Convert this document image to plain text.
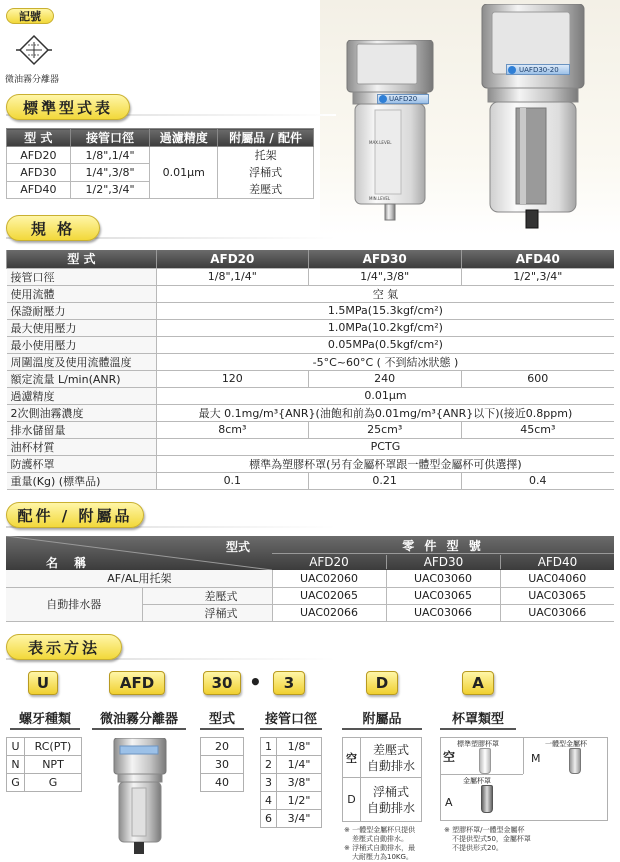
記號
微油霧分離器
MAX.LEVEL
MIN.LEVEL
UAFD20
UAFD30-20
標準型式表
型 式	接管口徑	過濾精度	附屬品 / 配件
AFD20	1/8",1/4"	0.01μm	托架
浮桶式
差壓式

AFD30	1/4",3/8"		
AFD40	1/2",3/4"		
規 格
型 式	AFD20	AFD30	AFD40
接管口徑	1/8",1/4"	1/4",3/8"	1/2",3/4"
使用流體	空 氣		
保證耐壓力	1.5MPa(15.3kgf/cm²)		
最大使用壓力	1.0MPa(10.2kgf/cm²)		
最小使用壓力	0.05MPa(0.5kgf/cm²)		
周圍溫度及使用流體溫度	-5°C~60°C ( 不到結冰狀態 )		
額定流量 L/min(ANR)	120	240	600
過濾精度	0.01μm		
2次側油霧濃度	最大 0.1mg/m³{ANR}(油飽和前為0.01mg/m³{ANR}以下)(接近0.8ppm)		
排水儲留量	8cm³	25cm³	45cm³
油杯材質	PCTG		
防護杯罩	標準為塑膠杯罩(另有金屬杯罩跟一體型金屬杯可供選擇)		
重量(Kg) (標準品)	0.1	0.21	0.4
配件 / 附屬品
型式
名 稱
零 件 型 號
AFD20	AFD30	AFD40
AF/AL用托架		UAC02060	UAC03060	UAC04060
自動排水器	差壓式	UAC02065	UAC03065	UAC03065
	浮桶式	UAC02066	UAC03066	UAC03066
表示方法
U	AFD	30 •	3	D	A
螺牙種類	微油霧分離器	型式	接管口徑	附屬品	杯罩類型
U	RC(PT)
N	NPT
G	G
20
30
40
1	1/8"
2	1/4"
3	3/8"
4	1/2"
6	3/4"
空	差壓式
自動排水

D	浮桶式
自動排水
※ 一體型金屬杯只提供
差壓式自動排水。
※ 浮桶式自動排水，最
大耐壓力為10KG。
空
標準塑膠杯罩
M
一體型金屬杯
A
金屬杯罩
※ 塑膠杯罩/一體型金屬杯
不提供型式50，金屬杯罩
不提供形式20。
